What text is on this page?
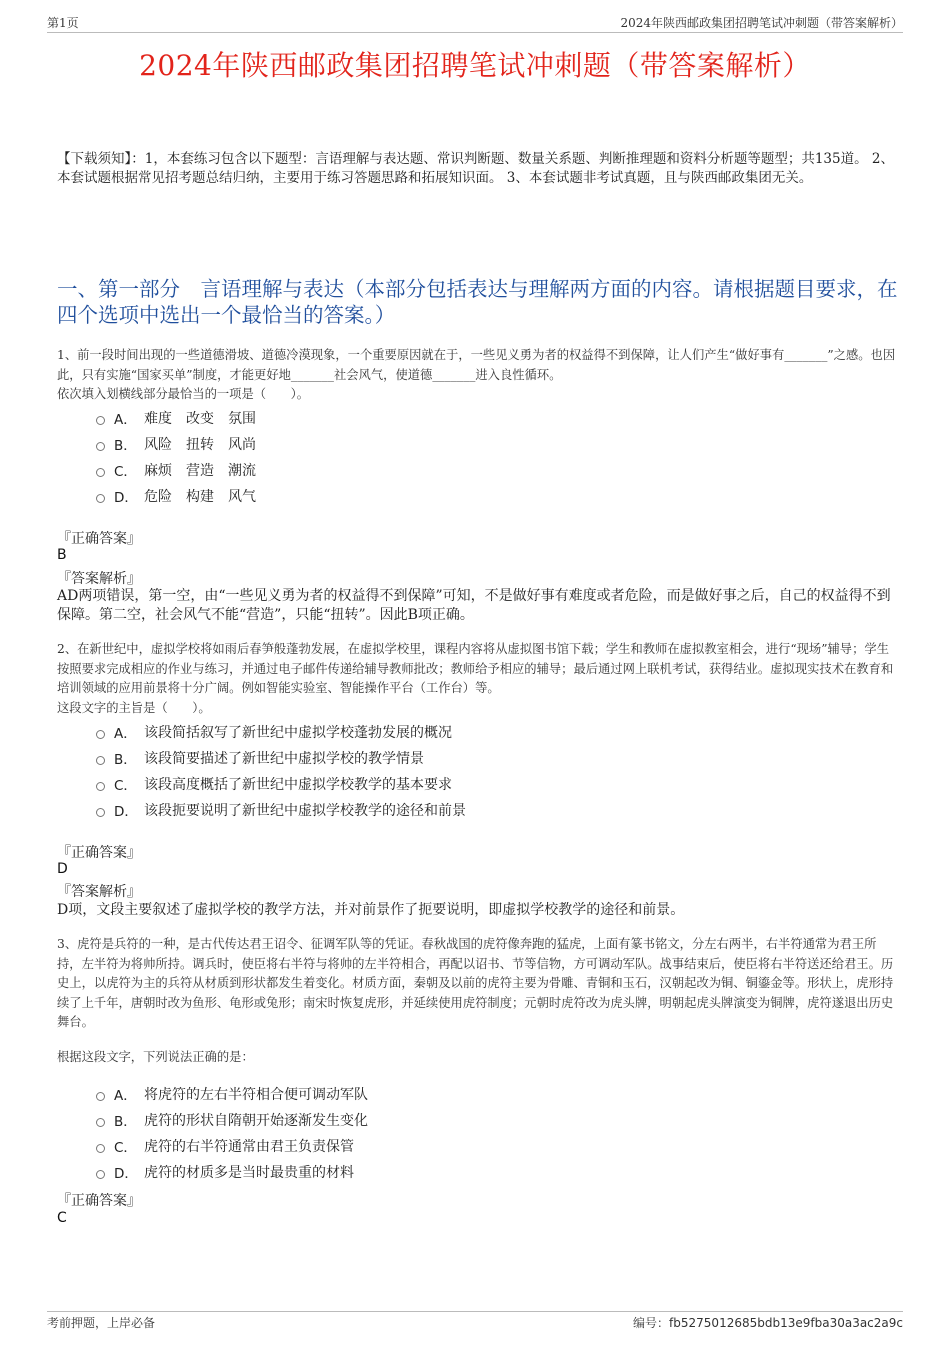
第1页	2024年陕西邮政集团招聘笔试冲刺题（带答案解析）
2024年陕西邮政集团招聘笔试冲刺题（带答案解析）
【下载须知】：1，本套练习包含以下题型：言语理解与表达题、常识判断题、数量关系题、判断推理题和资料分析题等题型；共135道。 2、本套试题根据常见招考题总结归纳，主要用于练习答题思路和拓展知识面。 3、本套试题非考试真题，且与陕西邮政集团无关。
一、第一部分　言语理解与表达（本部分包括表达与理解两方面的内容。请根据题目要求，在四个选项中选出一个最恰当的答案。）
1、前一段时间出现的一些道德滑坡、道德冷漠现象，一个重要原因就在于，一些见义勇为者的权益得不到保障，让人们产生“做好事有_______”之感。也因此，只有实施“国家买单”制度，才能更好地_______社会风气，使道德_______进入良性循环。
依次填入划横线部分最恰当的一项是（　　）。
A． 难度　改变　氛围
B． 风险　扭转　风尚
C． 麻烦　营造　潮流
D． 危险　构建　风气
『正确答案』
B
『答案解析』
AD两项错误，第一空，由“一些见义勇为者的权益得不到保障”可知，不是做好事有难度或者危险，而是做好事之后，自己的权益得不到保障。第二空，社会风气不能“营造”，只能“扭转”。因此B项正确。
2、在新世纪中，虚拟学校将如雨后春笋般蓬勃发展，在虚拟学校里，课程内容将从虚拟图书馆下载；学生和教师在虚拟教室相会，进行“现场”辅导；学生按照要求完成相应的作业与练习，并通过电子邮件传递给辅导教师批改；教师给予相应的辅导；最后通过网上联机考试，获得结业。虚拟现实技术在教育和培训领域的应用前景将十分广阔。例如智能实验室、智能操作平台（工作台）等。
这段文字的主旨是（　　）。
A． 该段简括叙写了新世纪中虚拟学校蓬勃发展的概况
B． 该段简要描述了新世纪中虚拟学校的教学情景
C． 该段高度概括了新世纪中虚拟学校教学的基本要求
D． 该段扼要说明了新世纪中虚拟学校教学的途径和前景
『正确答案』
D
『答案解析』
D项，文段主要叙述了虚拟学校的教学方法，并对前景作了扼要说明，即虚拟学校教学的途径和前景。
3、虎符是兵符的一种，是古代传达君王诏令、征调军队等的凭证。春秋战国的虎符像奔跑的猛虎，上面有篆书铭文，分左右两半，右半符通常为君王所持，左半符为将帅所持。调兵时，使臣将右半符与将帅的左半符相合，再配以诏书、节等信物，方可调动军队。战事结束后，使臣将右半符送还给君王。历史上，以虎符为主的兵符从材质到形状都发生着变化。材质方面，秦朝及以前的虎符主要为骨雕、青铜和玉石，汉朝起改为铜、铜鎏金等。形状上，虎形持续了上千年，唐朝时改为鱼形、龟形或兔形；南宋时恢复虎形，并延续使用虎符制度；元朝时虎符改为虎头牌，明朝起虎头牌演变为铜牌，虎符遂退出历史舞台。
根据这段文字，下列说法正确的是：
A． 将虎符的左右半符相合便可调动军队
B． 虎符的形状自隋朝开始逐渐发生变化
C． 虎符的右半符通常由君王负责保管
D． 虎符的材质多是当时最贵重的材料
『正确答案』
C
考前押题，上岸必备	编号：fb5275012685bdb13e9fba30a3ac2a9c
